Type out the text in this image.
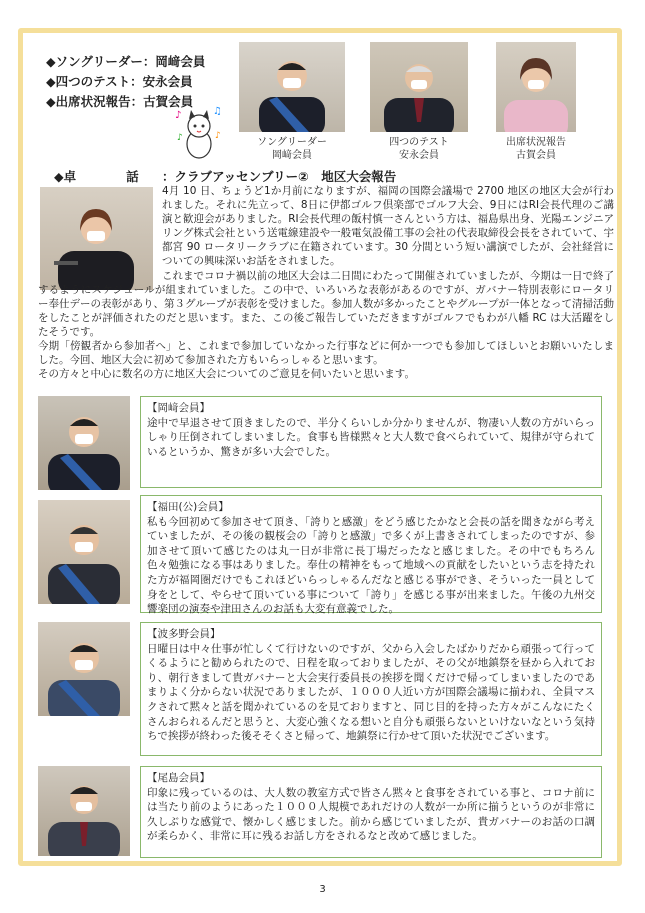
◆ソングリーダー：岡﨑会員
◆四つのテスト：安永会員
◆出席状況報告：古賀会員
♪	♫
♪	♪
ソングリーダー
岡﨑会員
四つのテスト
安永会員
出席状況報告
古賀会員
◆卓　　　　話 ：クラブアッセンブリー②　地区大会報告

4月 10 日、ちょうど1か月前になりますが、福岡の国際会議場で 2700 地区の地区大会が行われました。それに先立って、8日に伊都ゴルフ倶楽部でゴルフ大会、9日にはRI会長代理のご講演と歓迎会がありました。RI会長代理の飯村慎一さんという方は、福島県出身、光陽エンジニアリング株式会社という送電線建設や一般電気設備工事の会社の代表取締役会長をされていて、宇都宮 90 ロータリークラブに在籍されています。30 分間という短い講演でしたが、会社経営についての興味深いお話をされました。

これまでコロナ禍以前の地区大会は二日間にわたって開催されていましたが、今期は一日で終了するようにスケジュールが組まれていました。この中で、いろいろな表彰があるのですが、ガバナー特別表彰にロータリー奉仕デーの表彰があり、第３グループが表彰を受けました。参加人数が多かったことやグループが一体となって清掃活動をしたことが評価されたのだと思います。また、この後ご報告していただきますがゴルフでもわが八幡 RC は大活躍をしたそうです。

今期「傍観者から参加者へ」と、これまで参加していなかった行事などに何か一つでも参加してほしいとお願いいたしました。今回、地区大会に初めて参加された方もいらっしゃると思います。

その方々と中心に数名の方に地区大会についてのご意見を伺いたいと思います。

【岡﨑会員】
途中で早退させて頂きましたので、半分くらいしか分かりませんが、物凄い人数の方がいらっしゃり圧倒されてしまいました。食事も皆様黙々と大人数で食べられていて、規律が守られているというか、驚きが多い大会でした。
【福田(公)会員】
私も今回初めて参加させて頂き、「誇りと感激」をどう感じたかなと会長の話を聞きながら考えていましたが、その後の観桜会の「誇りと感激」で多くが上書きされてしまったのですが、参加させて頂いて感じたのは丸一日が非常に長丁場だったなと感じました。その中でもちろん色々勉強になる事はありました。奉仕の精神をもって地域への貢献をしたいという志を持たれた方が福岡圏だけでもこれほどいらっしゃるんだなと感じる事ができ、そういった一員として身をとして、やらせて頂いている事について「誇り」を感じる事が出来ました。午後の九州交響楽団の演奏や津田さんのお話も大変有意義でした。
【波多野会員】
日曜日は中々仕事が忙しくて行けないのですが、父から入会したばかりだから頑張って行ってくるようにと勧められたので、日程を取っておりましたが、その父が地鎮祭を昼から入れており、朝行きまして貴ガバナーと大会実行委員長の挨拶を聞くだけで帰ってしまいましたのであまりよく分からない状況でありましたが、１０００人近い方が国際会議場に揃われ、全員マスクされて黙々と話を聞かれているのを見ておりますと、同じ目的を持った方々がこんなにたくさんおられるんだと思うと、大変心強くなる想いと自分も頑張らないといけないなという気持ちで挨拶が終わった後そそくさと帰って、地鎮祭に行かせて頂いた状況でございます。
【尾島会員】
印象に残っているのは、大人数の教室方式で皆さん黙々と食事をされている事と、コロナ前には当たり前のようにあった１０００人規模であれだけの人数が一か所に揃うというのが非常に久しぶりな感覚で、懐かしく感じました。前から感じていましたが、貴ガバナーのお話の口調が柔らかく、非常に耳に残るお話し方をされるなと改めて感じました。
3
